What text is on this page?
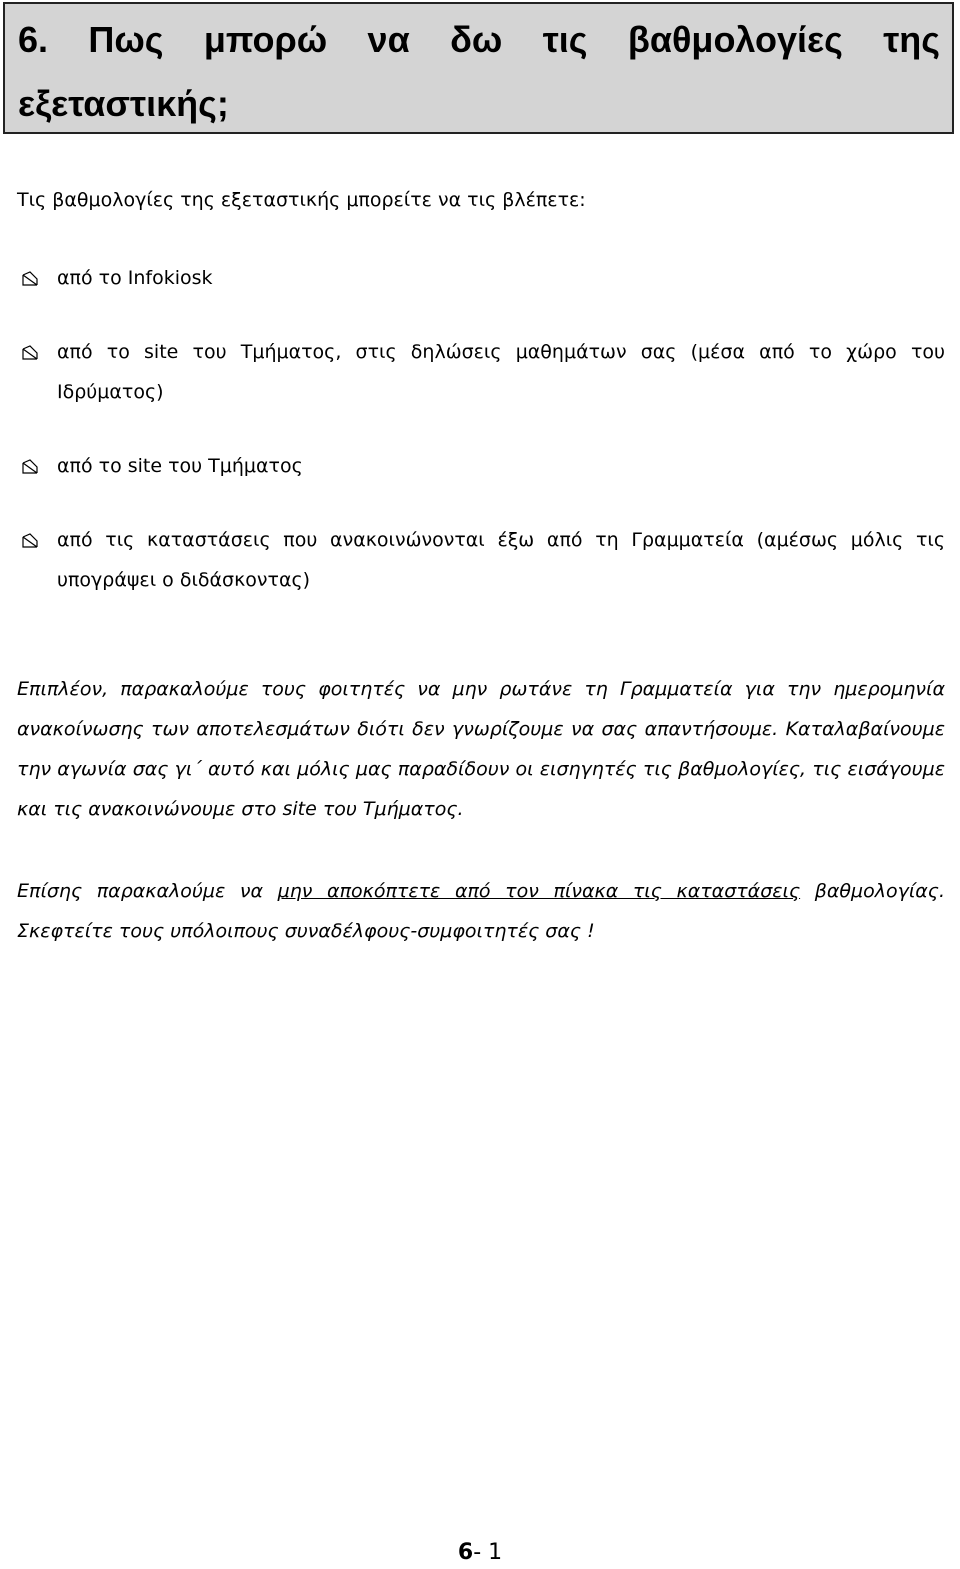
6. Πως μπορώ να δω τις βαθμολογίες της εξεταστικής;

Τις βαθμολογίες της εξεταστικής μπορείτε να τις βλέπετε:

από το Infokiosk
από το site του Τμήματος, στις δηλώσεις μαθημάτων σας (μέσα από το χώρο του Ιδρύματος)
από το site του Τμήματος
από τις καταστάσεις που ανακοινώνονται έξω από τη Γραμματεία (αμέσως μόλις τις υπογράψει ο διδάσκοντας)

Επιπλέον, παρακαλούμε τους φοιτητές να μην ρωτάνε τη Γραμματεία για την ημερομηνία ανακοίνωσης των αποτελεσμάτων διότι δεν γνωρίζουμε να σας απαντήσουμε. Καταλαβαίνουμε την αγωνία σας γι΄ αυτό και μόλις μας παραδίδουν οι εισηγητές τις βαθμολογίες, τις εισάγουμε και τις ανακοινώνουμε στο site του Τμήματος.

Επίσης παρακαλούμε να μην αποκόπτετε από τον πίνακα τις καταστάσεις βαθμολογίας. Σκεφτείτε τους υπόλοιπους συναδέλφους-συμφοιτητές σας !

6- 1
